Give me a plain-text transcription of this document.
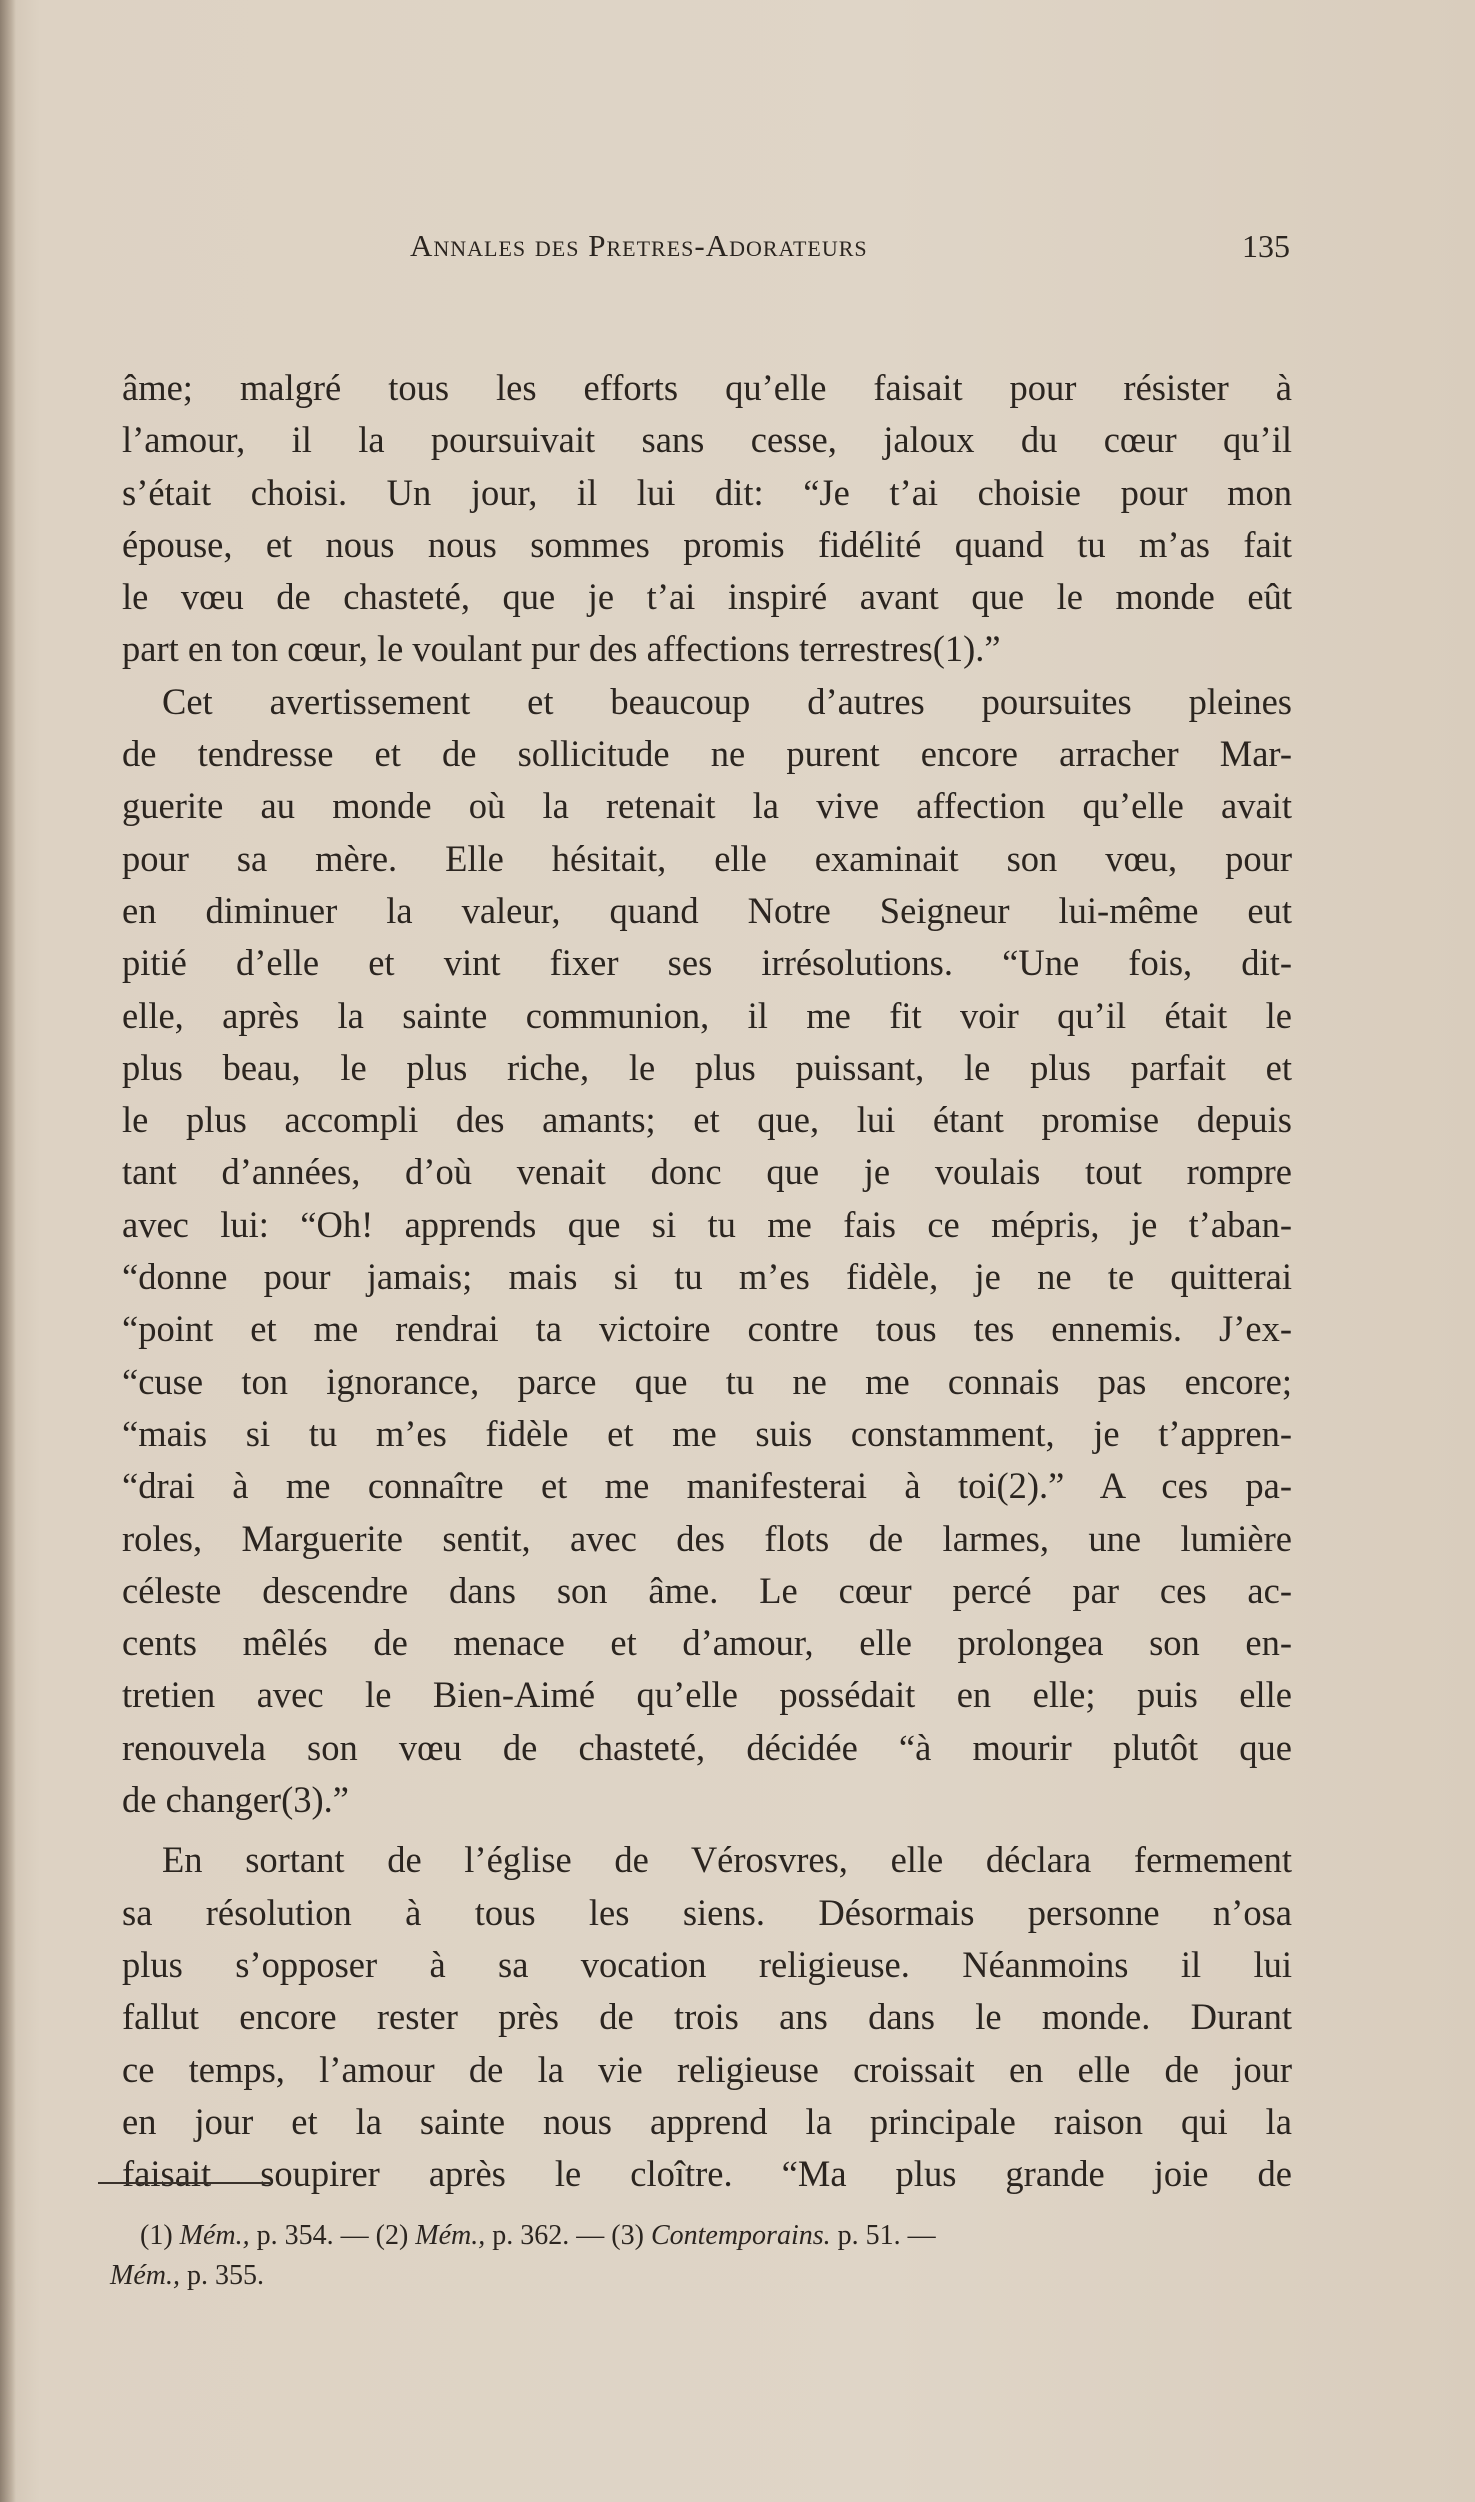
Annales des Pretres-Adorateurs	135
âme; malgré tous les efforts qu’elle faisait pour résister à
l’amour, il la poursuivait sans cesse, jaloux du cœur qu’il
s’était choisi. Un jour, il lui dit: “Je t’ai choisie pour mon
épouse, et nous nous sommes promis fidélité quand tu m’as fait
le vœu de chasteté, que je t’ai inspiré avant que le monde eût
part en ton cœur, le voulant pur des affections terrestres(1).”
Cet avertissement et beaucoup d’autres poursuites pleines
de tendresse et de sollicitude ne purent encore arracher Mar-
guerite au monde où la retenait la vive affection qu’elle avait
pour sa mère. Elle hésitait, elle examinait son vœu, pour
en diminuer la valeur, quand Notre Seigneur lui-même eut
pitié d’elle et vint fixer ses irrésolutions. “Une fois, dit-
elle, après la sainte communion, il me fit voir qu’il était le
plus beau, le plus riche, le plus puissant, le plus parfait et
le plus accompli des amants; et que, lui étant promise depuis
tant d’années, d’où venait donc que je voulais tout rompre
avec lui: “Oh! apprends que si tu me fais ce mépris, je t’aban-
“donne pour jamais; mais si tu m’es fidèle, je ne te quitterai
“point et me rendrai ta victoire contre tous tes ennemis. J’ex-
“cuse ton ignorance, parce que tu ne me connais pas encore;
“mais si tu m’es fidèle et me suis constamment, je t’appren-
“drai à me connaître et me manifesterai à toi(2).” A ces pa-
roles, Marguerite sentit, avec des flots de larmes, une lumière
céleste descendre dans son âme. Le cœur percé par ces ac-
cents mêlés de menace et d’amour, elle prolongea son en-
tretien avec le Bien-Aimé qu’elle possédait en elle; puis elle
renouvela son vœu de chasteté, décidée “à mourir plutôt que
de changer(3).”
En sortant de l’église de Vérosvres, elle déclara fermement
sa résolution à tous les siens. Désormais personne n’osa
plus s’opposer à sa vocation religieuse. Néanmoins il lui
fallut encore rester près de trois ans dans le monde. Durant
ce temps, l’amour de la vie religieuse croissait en elle de jour
en jour et la sainte nous apprend la principale raison qui la
faisait soupirer après le cloître. “Ma plus grande joie de
(1) Mém., p. 354. — (2) Mém., p. 362. — (3) Contemporains. p. 51. —
Mém., p. 355.
